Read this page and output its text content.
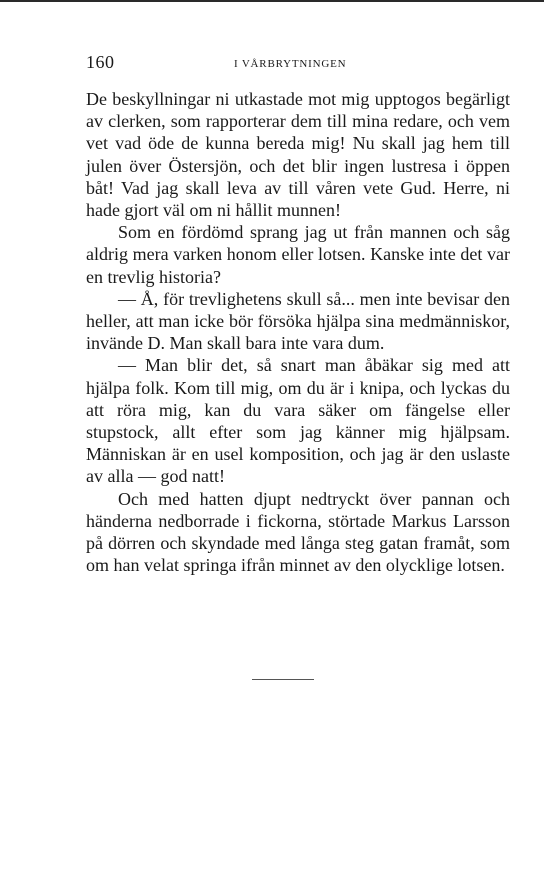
160	I VÅRBRYTNINGEN

De beskyllningar ni utkastade mot mig upptogos begärligt av clerken, som rapporterar dem till mina redare, och vem vet vad öde de kunna bereda mig! Nu skall jag hem till julen över Östersjön, och det blir ingen lustresa i öppen båt! Vad jag skall leva av till våren vete Gud. Herre, ni hade gjort väl om ni hållit munnen!

Som en fördömd sprang jag ut från mannen och såg aldrig mera varken honom eller lotsen. Kanske inte det var en trevlig historia?

— Å, för trevlighetens skull så... men inte bevisar den heller, att man icke bör försöka hjälpa sina medmänniskor, invände D. Man skall bara inte vara dum.

— Man blir det, så snart man åbäkar sig med att hjälpa folk. Kom till mig, om du är i knipa, och lyckas du att röra mig, kan du vara säker om fängelse eller stupstock, allt efter som jag känner mig hjälpsam. Människan är en usel komposition, och jag är den uslaste av alla — god natt!

Och med hatten djupt nedtryckt över pannan och händerna nedborrade i fickorna, störtade Markus Larsson på dörren och skyndade med långa steg gatan framåt, som om han velat springa ifrån minnet av den olycklige lotsen.
